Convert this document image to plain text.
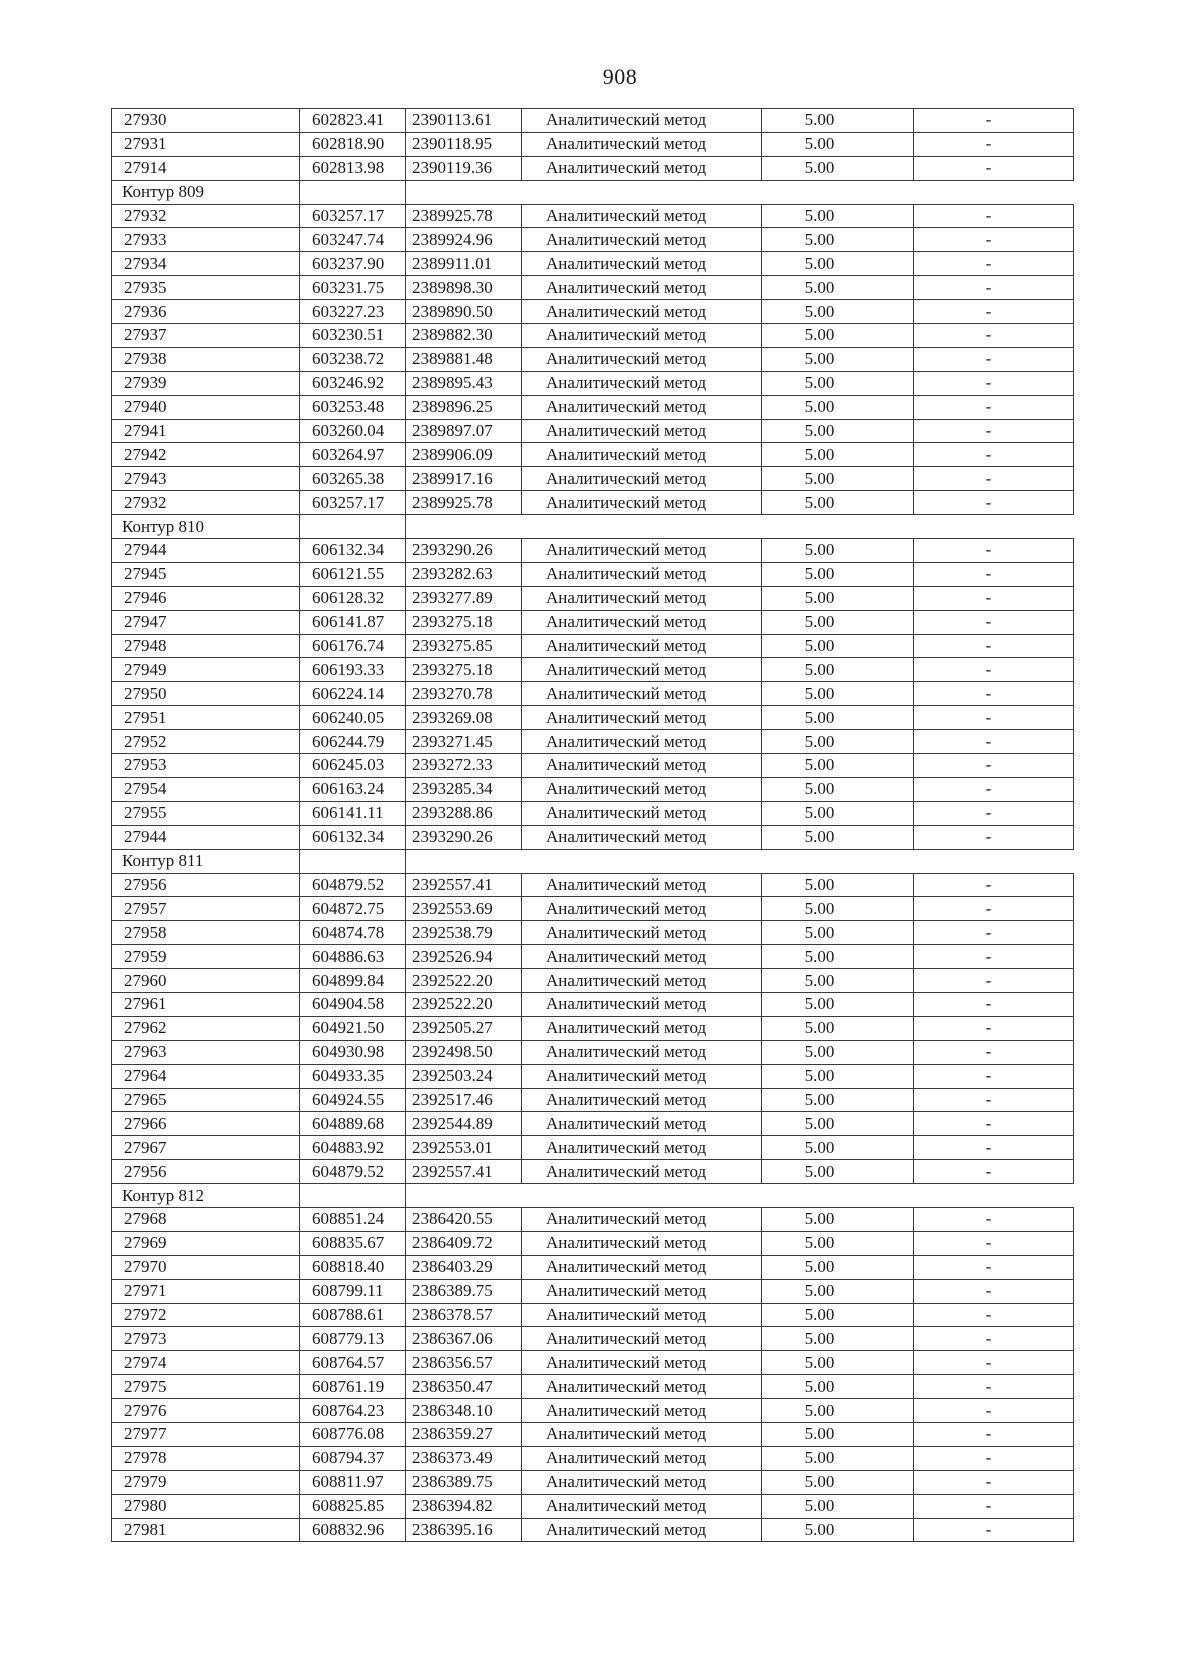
908
27930	602823.41	2390113.61	Аналитический метод	5.00	-
27931	602818.90	2390118.95	Аналитический метод	5.00	-
27914	602813.98	2390119.36	Аналитический метод	5.00	-
Контур 809					
27932	603257.17	2389925.78	Аналитический метод	5.00	-
27933	603247.74	2389924.96	Аналитический метод	5.00	-
27934	603237.90	2389911.01	Аналитический метод	5.00	-
27935	603231.75	2389898.30	Аналитический метод	5.00	-
27936	603227.23	2389890.50	Аналитический метод	5.00	-
27937	603230.51	2389882.30	Аналитический метод	5.00	-
27938	603238.72	2389881.48	Аналитический метод	5.00	-
27939	603246.92	2389895.43	Аналитический метод	5.00	-
27940	603253.48	2389896.25	Аналитический метод	5.00	-
27941	603260.04	2389897.07	Аналитический метод	5.00	-
27942	603264.97	2389906.09	Аналитический метод	5.00	-
27943	603265.38	2389917.16	Аналитический метод	5.00	-
27932	603257.17	2389925.78	Аналитический метод	5.00	-
Контур 810					
27944	606132.34	2393290.26	Аналитический метод	5.00	-
27945	606121.55	2393282.63	Аналитический метод	5.00	-
27946	606128.32	2393277.89	Аналитический метод	5.00	-
27947	606141.87	2393275.18	Аналитический метод	5.00	-
27948	606176.74	2393275.85	Аналитический метод	5.00	-
27949	606193.33	2393275.18	Аналитический метод	5.00	-
27950	606224.14	2393270.78	Аналитический метод	5.00	-
27951	606240.05	2393269.08	Аналитический метод	5.00	-
27952	606244.79	2393271.45	Аналитический метод	5.00	-
27953	606245.03	2393272.33	Аналитический метод	5.00	-
27954	606163.24	2393285.34	Аналитический метод	5.00	-
27955	606141.11	2393288.86	Аналитический метод	5.00	-
27944	606132.34	2393290.26	Аналитический метод	5.00	-
Контур 811					
27956	604879.52	2392557.41	Аналитический метод	5.00	-
27957	604872.75	2392553.69	Аналитический метод	5.00	-
27958	604874.78	2392538.79	Аналитический метод	5.00	-
27959	604886.63	2392526.94	Аналитический метод	5.00	-
27960	604899.84	2392522.20	Аналитический метод	5.00	-
27961	604904.58	2392522.20	Аналитический метод	5.00	-
27962	604921.50	2392505.27	Аналитический метод	5.00	-
27963	604930.98	2392498.50	Аналитический метод	5.00	-
27964	604933.35	2392503.24	Аналитический метод	5.00	-
27965	604924.55	2392517.46	Аналитический метод	5.00	-
27966	604889.68	2392544.89	Аналитический метод	5.00	-
27967	604883.92	2392553.01	Аналитический метод	5.00	-
27956	604879.52	2392557.41	Аналитический метод	5.00	-
Контур 812					
27968	608851.24	2386420.55	Аналитический метод	5.00	-
27969	608835.67	2386409.72	Аналитический метод	5.00	-
27970	608818.40	2386403.29	Аналитический метод	5.00	-
27971	608799.11	2386389.75	Аналитический метод	5.00	-
27972	608788.61	2386378.57	Аналитический метод	5.00	-
27973	608779.13	2386367.06	Аналитический метод	5.00	-
27974	608764.57	2386356.57	Аналитический метод	5.00	-
27975	608761.19	2386350.47	Аналитический метод	5.00	-
27976	608764.23	2386348.10	Аналитический метод	5.00	-
27977	608776.08	2386359.27	Аналитический метод	5.00	-
27978	608794.37	2386373.49	Аналитический метод	5.00	-
27979	608811.97	2386389.75	Аналитический метод	5.00	-
27980	608825.85	2386394.82	Аналитический метод	5.00	-
27981	608832.96	2386395.16	Аналитический метод	5.00	-
